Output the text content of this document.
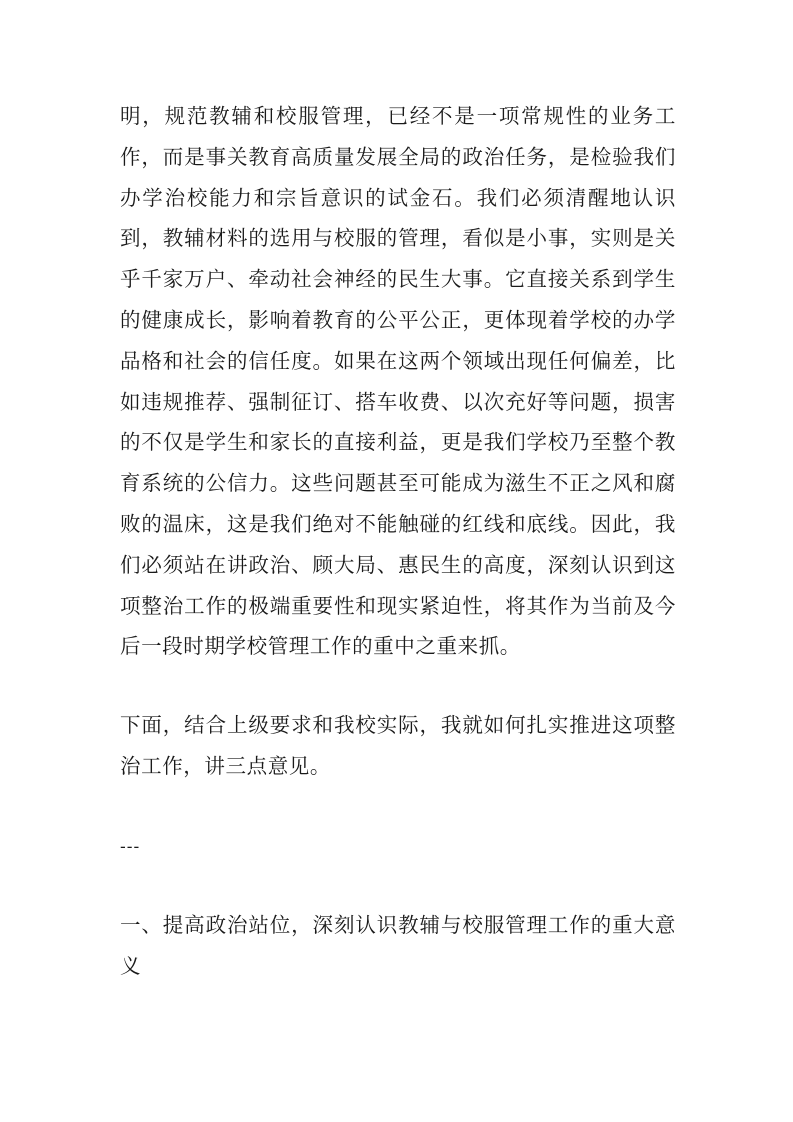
明，规范教辅和校服管理，已经不是一项常规性的业务工作，而是事关教育高质量发展全局的政治任务，是检验我们办学治校能力和宗旨意识的试金石。我们必须清醒地认识到，教辅材料的选用与校服的管理，看似是小事，实则是关乎千家万户、牵动社会神经的民生大事。它直接关系到学生的健康成长，影响着教育的公平公正，更体现着学校的办学品格和社会的信任度。如果在这两个领域出现任何偏差，比如违规推荐、强制征订、搭车收费、以次充好等问题，损害的不仅是学生和家长的直接利益，更是我们学校乃至整个教育系统的公信力。这些问题甚至可能成为滋生不正之风和腐败的温床，这是我们绝对不能触碰的红线和底线。因此，我们必须站在讲政治、顾大局、惠民生的高度，深刻认识到这项整治工作的极端重要性和现实紧迫性，将其作为当前及今后一段时期学校管理工作的重中之重来抓。

下面，结合上级要求和我校实际，我就如何扎实推进这项整治工作，讲三点意见。

---

一、提高政治站位，深刻认识教辅与校服管理工作的重大意义
